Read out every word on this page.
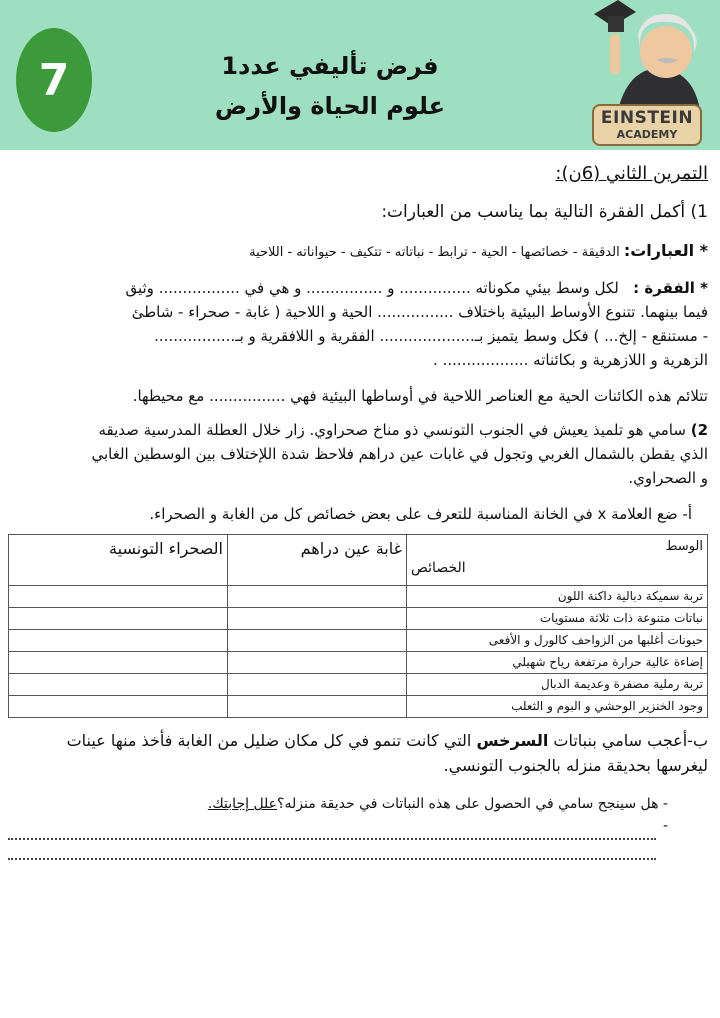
7	فرض تأليفي عدد1
علوم الحياة والأرض	EINSTEIN
ACADEMY
التمرين الثاني (6ن):
1) أكمل الفقرة التالية بما يناسب من العبارات:
* العبارات: الدقيقة - خصائصها - الحية - ترابط - نباتاته - تتكيف - حيواناته - اللاحية
* الفقرة :   لكل وسط بيئي مكوناته ............... و ................ و هي في ................. وثيق
فيما بينهما. تتنوع الأوساط البيئية باختلاف ................ الحية و اللاحية ( غابة - صحراء - شاطئ
- مستنقع - إلخ... ) فكل وسط يتميز بـ.................... الفقرية و اللافقرية و بـ.................
الزهرية و اللازهرية و بكائناته .................. .
تتلائم هذه الكائنات الحية مع العناصر اللاحية في أوساطها البيئية فهي ................ مع محيطها.
2) سامي هو تلميذ يعيش في الجنوب التونسي ذو مناخ صحراوي. زار خلال العطلة المدرسية صديقه
الذي يقطن بالشمال الغربي وتجول في غابات عين دراهم فلاحظ شدة اللإختلاف بين الوسطين الغابي
و الصحراوي.
أ- ضع العلامة x في الخانة المناسبة للتعرف على بعض خصائص كل من الغابة و الصحراء.
الوسط
الخصائص	غابة عين دراهم	الصحراء التونسية
تربة سميكة دبالية داكنة اللون		
نباتات متنوعة ذات ثلاثة مستويات		
حيونات أغلبها من الزواحف كالورل و الأفعى		
إضاءة عالية حرارة مرتفعة رياح شهيلي		
تربة رملية مصفرة وعديمة الدبال		
وجود الخنزير الوحشي و البوم و الثعلب		
ب-أعجب سامي بنباتات السرخس التي كانت تنمو في كل مكان ضليل من الغابة فأخذ منها عينات
ليغرسها بحديقة منزله بالجنوب التونسي.
- هل سينجح سامي في الحصول على هذه النباتات في حديقة منزله؟علل إجابتك.
-
